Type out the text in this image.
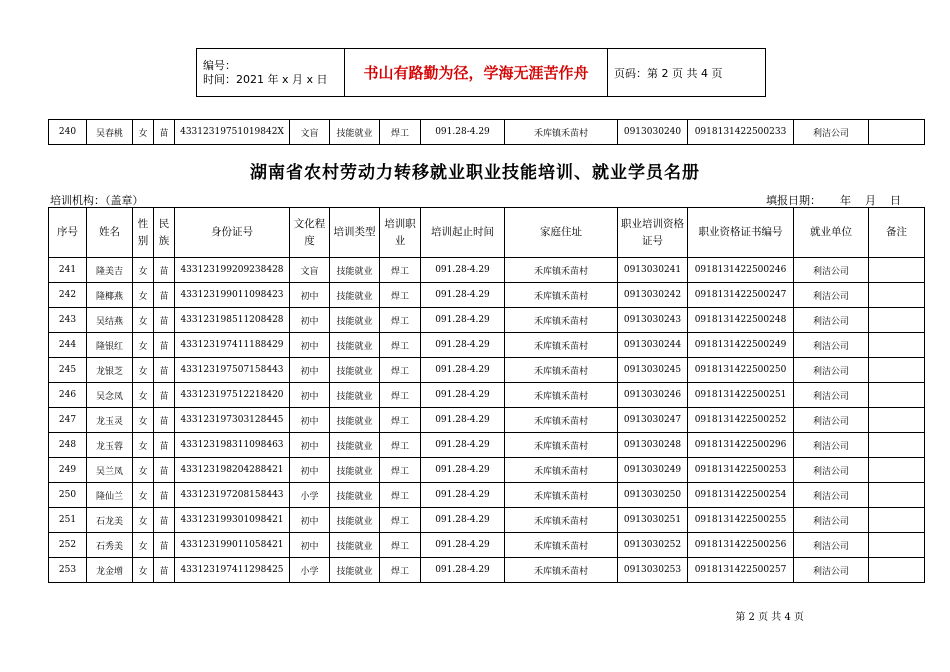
编号：
时间：2021 年 x 月 x 日	书山有路勤为径，学海无涯苦作舟	页码：第 2 页 共 4 页
240	吴春桃	女	苗	43312319751019842X	文盲	技能就业	焊工	091.28-4.29	禾库镇禾苗村	0913030240	0918131422500233	利洁公司	
湖南省农村劳动力转移就业职业技能培训、就业学员名册
培训机构：（盖章）	填报日期： 年    月    日
序号	姓名	性别	民族	身份证号	文化程度	培训类型	培训职业	培训起止时间	家庭住址	职业培训资格证号	职业资格证书编号	就业单位	备注
241	隆美吉	女	苗	433123199209238428	文盲	技能就业	焊工	091.28-4.29	禾库镇禾苗村	0913030241	0918131422500246	利洁公司	
242	隆椰燕	女	苗	433123199011098423	初中	技能就业	焊工	091.28-4.29	禾库镇禾苗村	0913030242	0918131422500247	利洁公司	
243	吴结燕	女	苗	433123198511208428	初中	技能就业	焊工	091.28-4.29	禾库镇禾苗村	0913030243	0918131422500248	利洁公司	
244	隆银红	女	苗	433123197411188429	初中	技能就业	焊工	091.28-4.29	禾库镇禾苗村	0913030244	0918131422500249	利洁公司	
245	龙银芝	女	苗	433123197507158443	初中	技能就业	焊工	091.28-4.29	禾库镇禾苗村	0913030245	0918131422500250	利洁公司	
246	吴念凤	女	苗	433123197512218420	初中	技能就业	焊工	091.28-4.29	禾库镇禾苗村	0913030246	0918131422500251	利洁公司	
247	龙玉灵	女	苗	433123197303128445	初中	技能就业	焊工	091.28-4.29	禾库镇禾苗村	0913030247	0918131422500252	利洁公司	
248	龙玉蓉	女	苗	433123198311098463	初中	技能就业	焊工	091.28-4.29	禾库镇禾苗村	0913030248	0918131422500296	利洁公司	
249	吴兰凤	女	苗	433123198204288421	初中	技能就业	焊工	091.28-4.29	禾库镇禾苗村	0913030249	0918131422500253	利洁公司	
250	隆仙兰	女	苗	433123197208158443	小学	技能就业	焊工	091.28-4.29	禾库镇禾苗村	0913030250	0918131422500254	利洁公司	
251	石龙美	女	苗	433123199301098421	初中	技能就业	焊工	091.28-4.29	禾库镇禾苗村	0913030251	0918131422500255	利洁公司	
252	石秀美	女	苗	433123199011058421	初中	技能就业	焊工	091.28-4.29	禾库镇禾苗村	0913030252	0918131422500256	利洁公司	
253	龙金增	女	苗	433123197411298425	小学	技能就业	焊工	091.28-4.29	禾库镇禾苗村	0913030253	0918131422500257	利洁公司	
第 2 页 共 4 页
